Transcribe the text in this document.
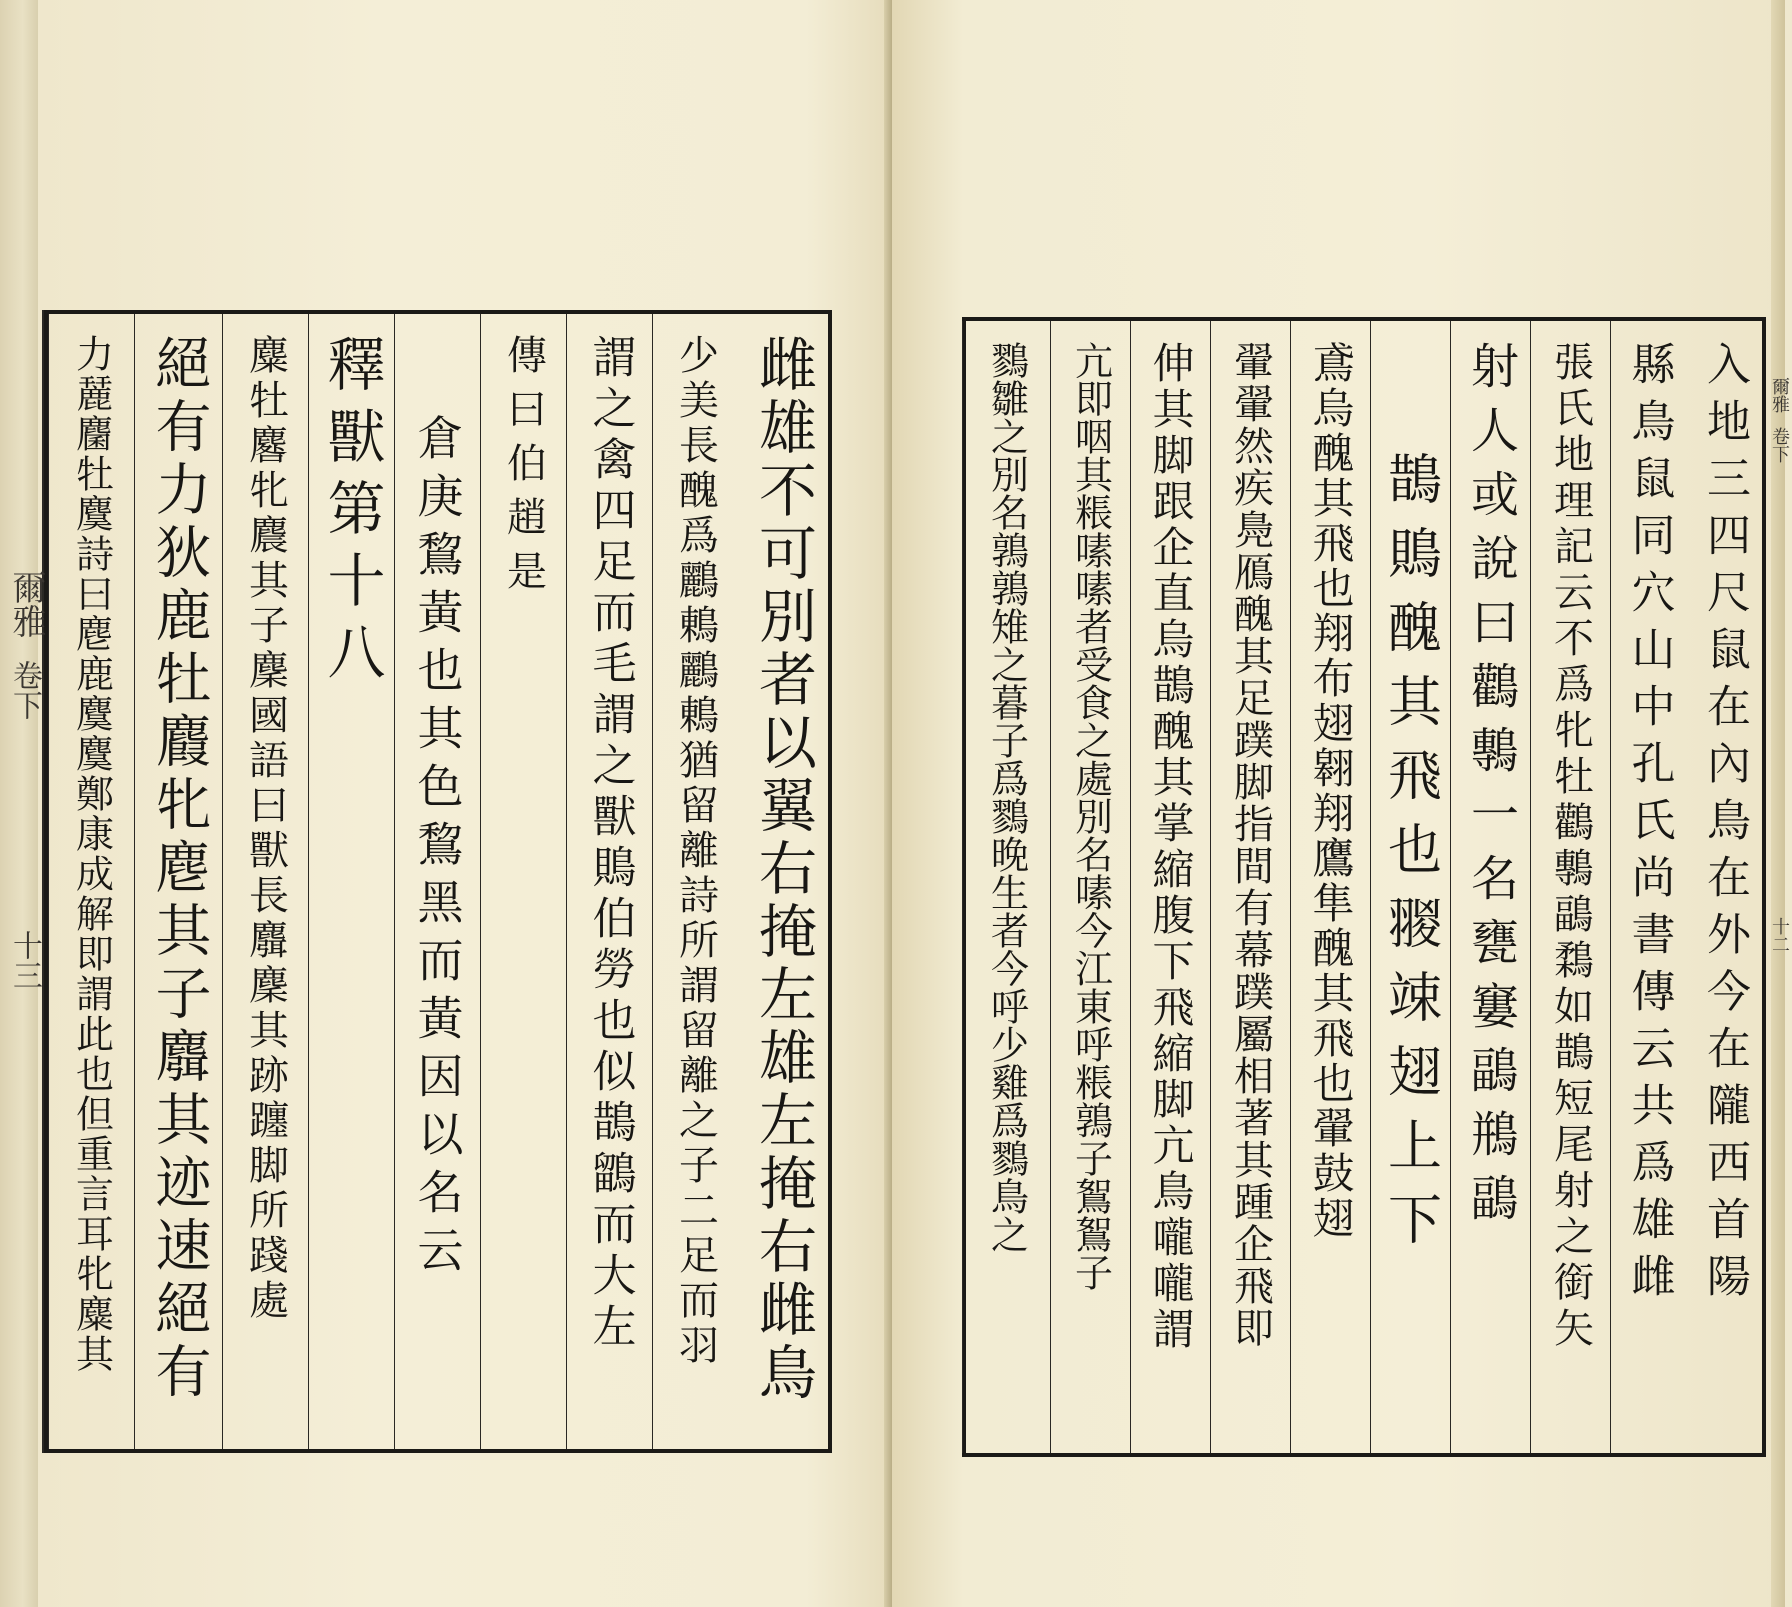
雌雄不可別者以翼右掩左雄左掩右雌鳥
少美長醜爲鸝鶇鸝鶇猶留離詩所謂留離之子二足而羽
謂之禽四足而毛謂之獸鵙伯勞也似鵲鶹而大左
傳曰伯趙是
倉庚鵹黃也其色鵹黑而黃因以名云
釋獸第十八
麋牡麔牝麎其子麇國語曰獸長麛麇其跡躔脚所踐處
絕有力狄鹿牡麚牝麀其子麛其迹速絕有
力麉麕牡麌詩曰麀鹿麌麌鄭康成解即謂此也但重言耳牝麋其
爾雅
卷下
十三	入地三四尺鼠在內鳥在外今在隴西首陽
縣鳥鼠同穴山中孔氏尚書傳云共爲雄雌
張氏地理記云不爲牝牡鸛鷒鶝鶔如鵲短尾射之銜矢
射人或說曰鸛鷒一名甕窶鶝鵧鶝
鵲鵙醜其飛也翪竦翅上下
鳶烏醜其飛也翔布翅翱翔鷹隼醜其飛也翬鼓翅
翬翬然疾鳧鴈醜其足蹼脚指間有幕蹼屬相著其踵企飛即
伸其脚跟企直烏鵲醜其掌縮腹下飛縮脚亢鳥嚨嚨謂
亢即咽其粻嗉嗉者受食之處別名嗉今江東呼粻鶉子鴽鴽子
鷚雛之別名鶉鶉雉之暮子爲鷚晚生者今呼少雞爲鷚鳥之	爾雅
卷下
十二
